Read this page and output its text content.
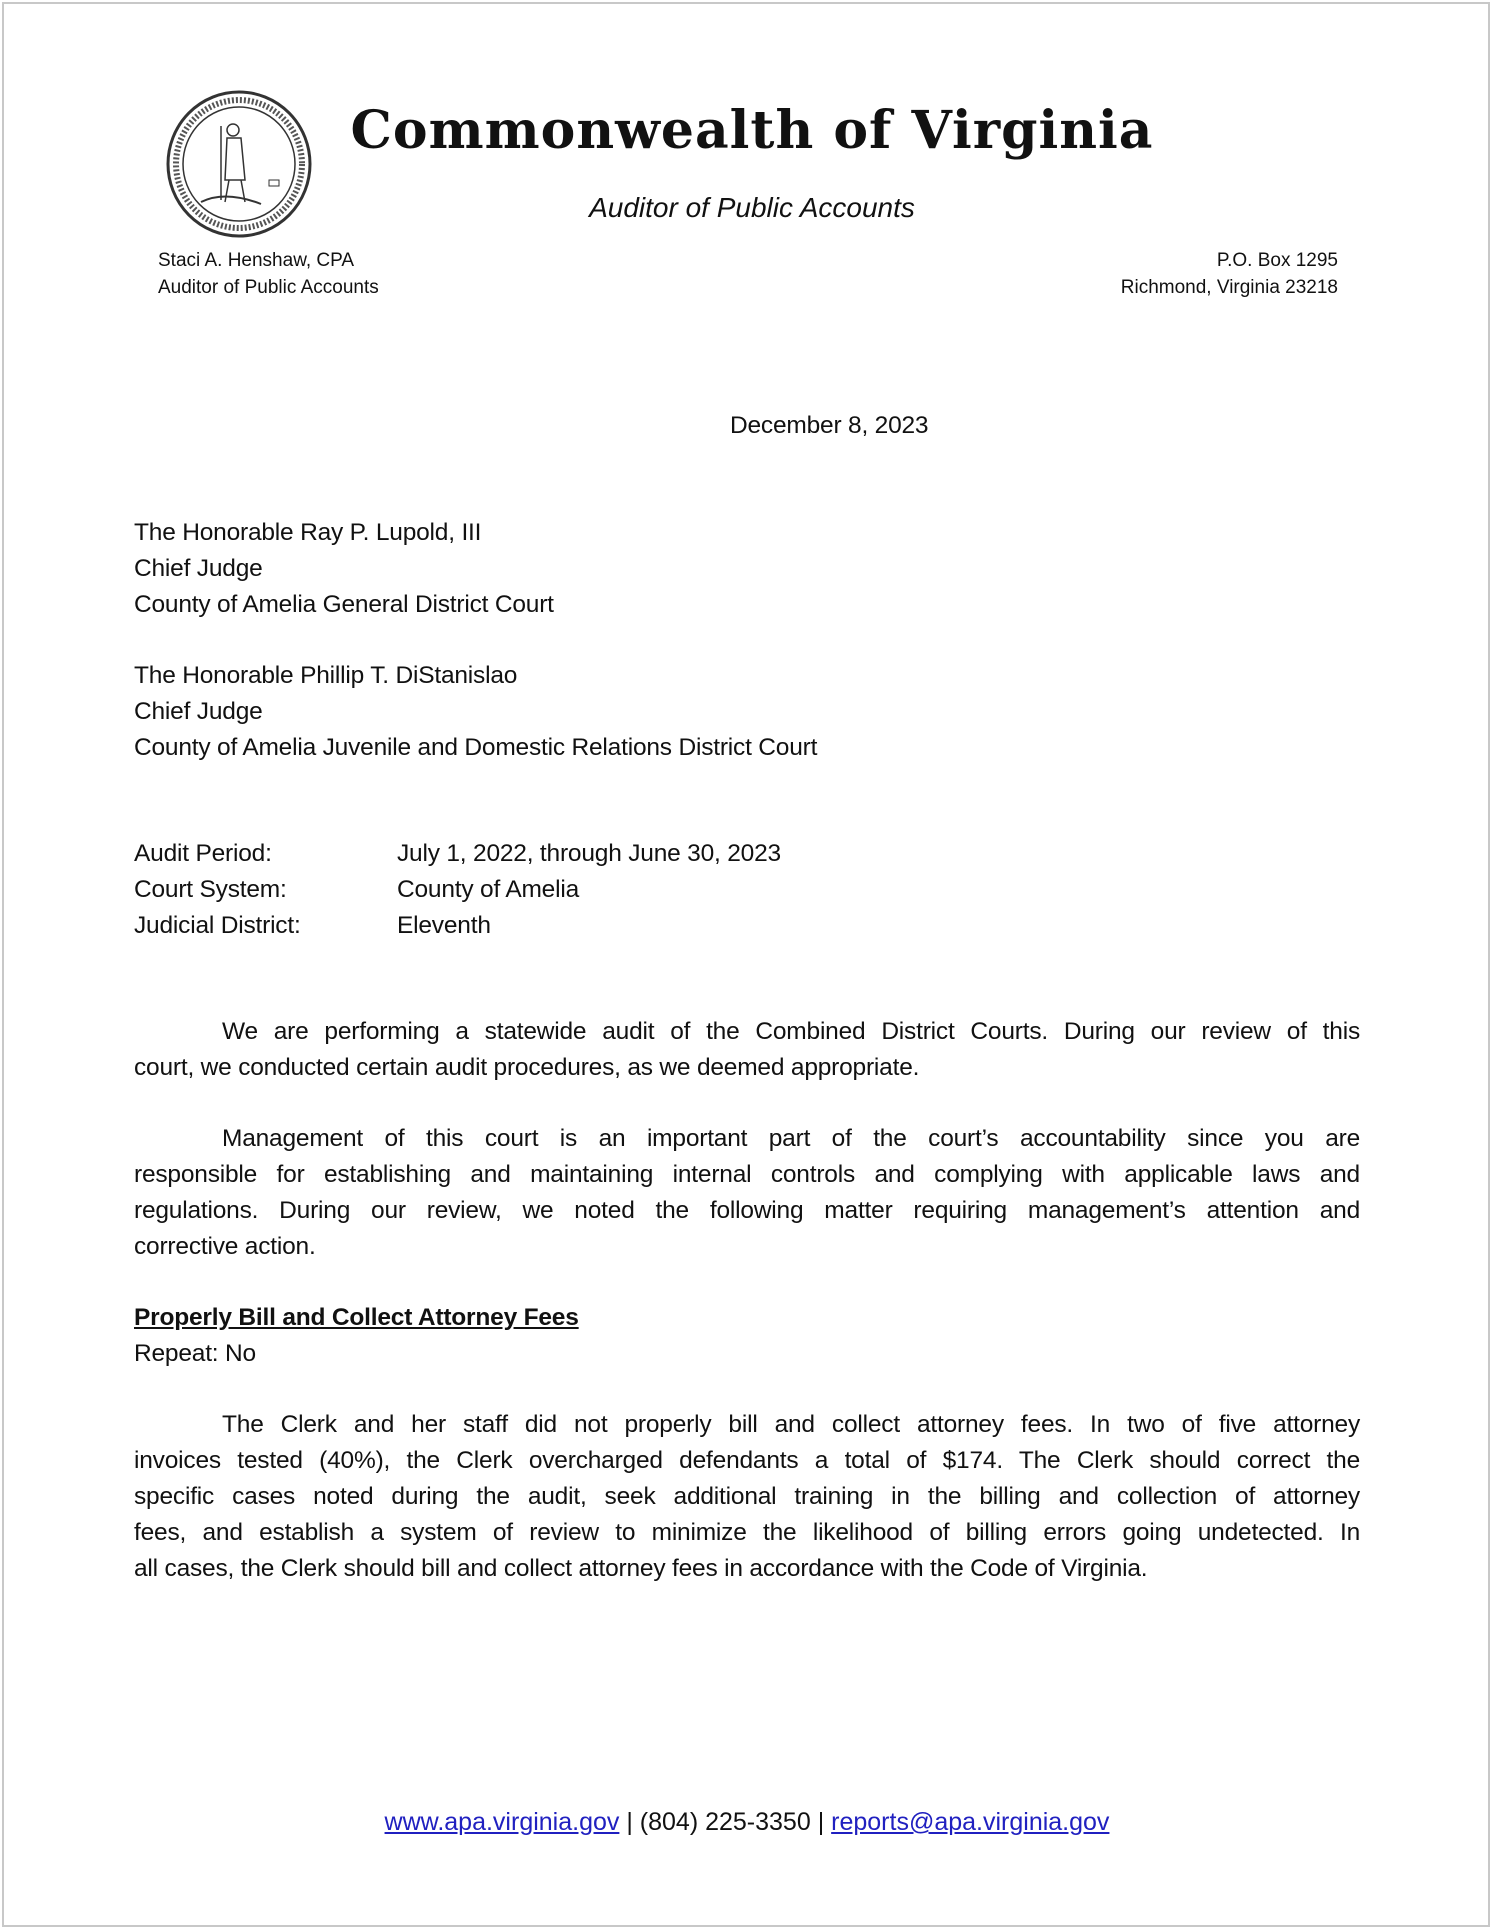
Commonwealth of Virginia
Auditor of Public Accounts
Staci A. Henshaw, CPA
Auditor of Public Accounts
P.O. Box 1295
Richmond, Virginia 23218
December 8, 2023
The Honorable Ray P. Lupold, III
Chief Judge
County of Amelia General District Court
The Honorable Phillip T. DiStanislao
Chief Judge
County of Amelia Juvenile and Domestic Relations District Court
Audit Period:	July 1, 2022, through June 30, 2023
Court System:	County of Amelia
Judicial District:	Eleventh
We are performing a statewide audit of the Combined District Courts. During our review of this
court, we conducted certain audit procedures, as we deemed appropriate.
Management of this court is an important part of the court’s accountability since you are
responsible for establishing and maintaining internal controls and complying with applicable laws and
regulations. During our review, we noted the following matter requiring management’s attention and
corrective action.
Properly Bill and Collect Attorney Fees
Repeat: No
The Clerk and her staff did not properly bill and collect attorney fees. In two of five attorney
invoices tested (40%), the Clerk overcharged defendants a total of $174. The Clerk should correct the
specific cases noted during the audit, seek additional training in the billing and collection of attorney
fees, and establish a system of review to minimize the likelihood of billing errors going undetected. In
all cases, the Clerk should bill and collect attorney fees in accordance with the Code of Virginia.
www.apa.virginia.gov | (804) 225-3350 | reports@apa.virginia.gov
